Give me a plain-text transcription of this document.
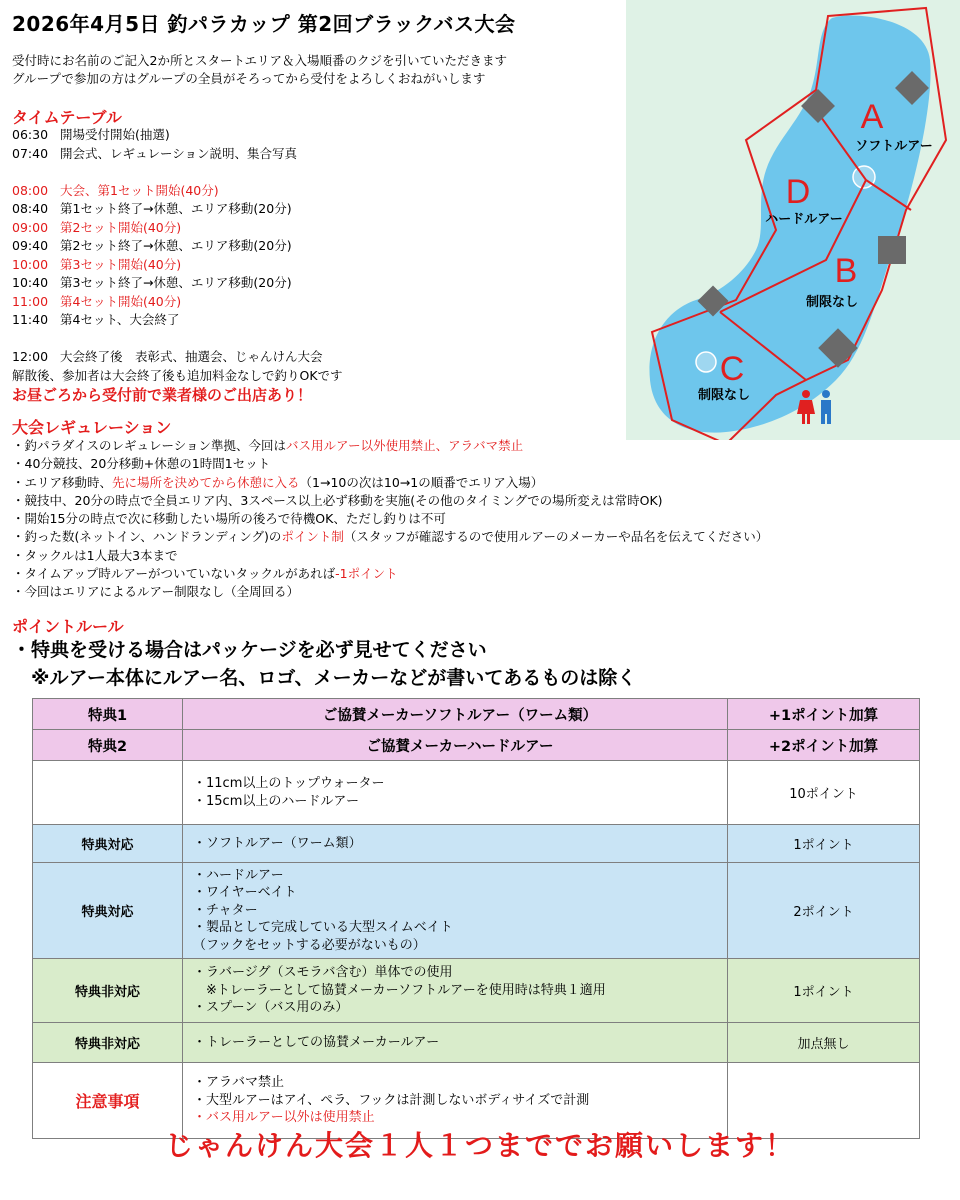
2026年4月5日 釣パラカップ 第2回ブラックバス大会
受付時にお名前のご記入2か所とスタートエリア＆入場順番のクジを引いていただきます
グループで参加の方はグループの全員がそろってから受付をよろしくおねがいします
タイムテーブル
06:30 開場受付開始(抽選)
07:40 開会式、レギュレーション説明、集合写真
08:00 大会、第1セット開始(40分)
08:40 第1セット終了→休憩、エリア移動(20分)
09:00 第2セット開始(40分)
09:40 第2セット終了→休憩、エリア移動(20分)
10:00 第3セット開始(40分)
10:40 第3セット終了→休憩、エリア移動(20分)
11:00 第4セット開始(40分)
11:40 第4セット、大会終了
12:00 大会終了後　表彰式、抽選会、じゃんけん大会
解散後、参加者は大会終了後も追加料金なしで釣りOKです
お昼ごろから受付前で業者様のご出店あり！
大会レギュレーション
・釣パラダイスのレギュレーション準拠、今回はバス用ルアー以外使用禁止、アラバマ禁止
・40分競技、20分移動+休憩の1時間1セット
・エリア移動時、先に場所を決めてから休憩に入る（1→10の次は10→1の順番でエリア入場）
・競技中、20分の時点で全員エリア内、3スペース以上必ず移動を実施(その他のタイミングでの場所変えは常時OK)
・開始15分の時点で次に移動したい場所の後ろで待機OK、ただし釣りは不可
・釣った数(ネットイン、ハンドランディング)のポイント制（スタッフが確認するので使用ルアーのメーカーや品名を伝えてください）
・タックルは1人最大3本まで
・タイムアップ時ルアーがついていないタックルがあれば-1ポイント
・今回はエリアによるルアー制限なし（全周回る）
ポイントルール
・特典を受ける場合はパッケージを必ず見せてください
　※ルアー本体にルアー名、ロゴ、メーカーなどが書いてあるものは除く
A
B
C
D
ソフトルアー
制限なし
制限なし
ハードルアー
特典1	ご協賛メーカーソフトルアー（ワーム類）	+1ポイント加算
特典2	ご協賛メーカーハードルアー	+2ポイント加算

	・11cm以上のトップウォーター
・15cm以上のハードルアー	10ポイント
特典対応	・ソフトルアー（ワーム類）	1ポイント
特典対応	・ハードルアー
・ワイヤーベイト
・チャター
・製品として完成している大型スイムベイト
（フックをセットする必要がないもの）	2ポイント
特典非対応	・ラバージグ（スモラバ含む）単体での使用
　※トレーラーとして協賛メーカーソフトルアーを使用時は特典１適用
・スプーン（バス用のみ）	1ポイント
特典非対応	・トレーラーとしての協賛メーカールアー	加点無し
注意事項	・アラバマ禁止
・大型ルアーはアイ、ペラ、フックは計測しないボディサイズで計測
・バス用ルアー以外は使用禁止	

じゃんけん大会１人１つまででお願いします！
